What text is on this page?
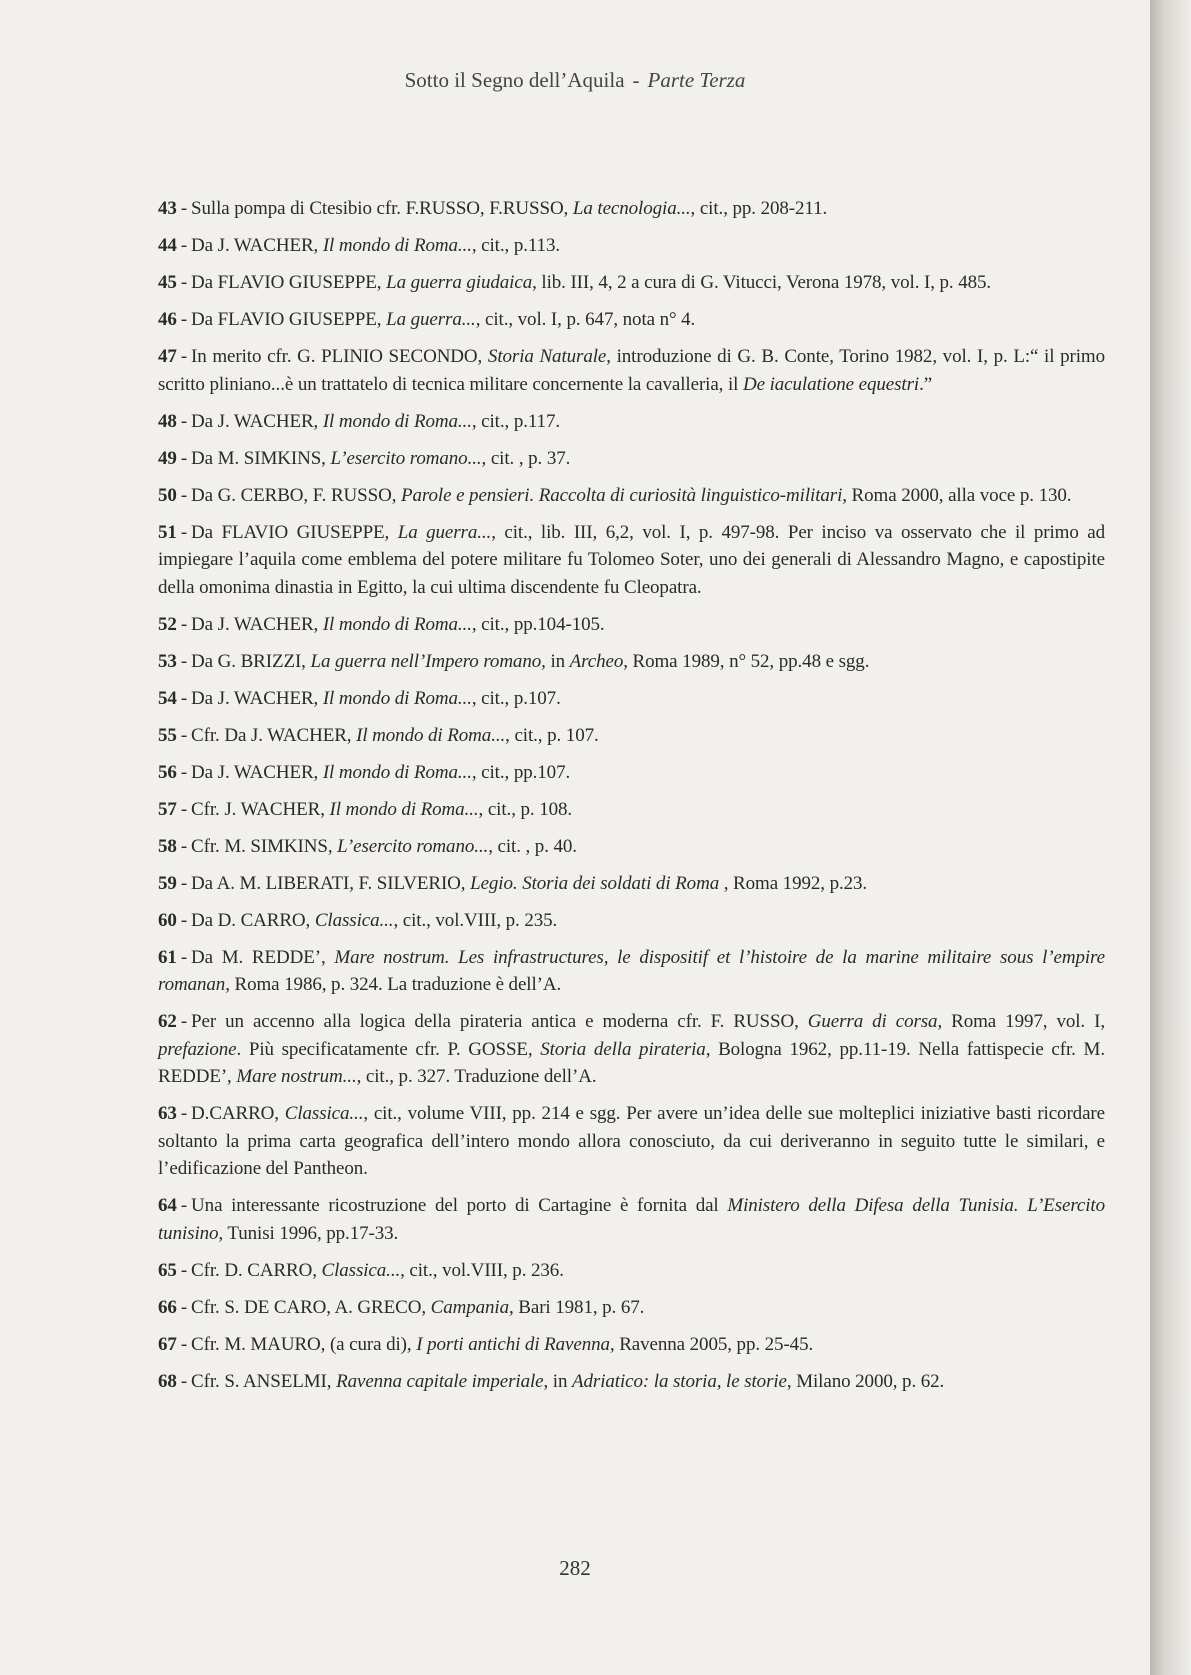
Sotto il Segno dell’Aquila - Parte Terza
43 - Sulla pompa di Ctesibio cfr. F.RUSSO, F.RUSSO, La tecnologia..., cit., pp. 208-211.
44 - Da J. WACHER, Il mondo di Roma..., cit., p.113.
45 - Da FLAVIO GIUSEPPE, La guerra giudaica, lib. III, 4, 2 a cura di G. Vitucci, Verona 1978, vol. I, p. 485.
46 - Da FLAVIO GIUSEPPE, La guerra..., cit., vol. I, p. 647, nota n° 4.
47 - In merito cfr. G. PLINIO SECONDO, Storia Naturale, introduzione di G. B. Conte, Torino 1982, vol. I, p. L:“ il primo scritto pliniano...è un trattatelo di tecnica militare concernente la cavalleria, il De iaculatione equestri.”
48 - Da J. WACHER, Il mondo di Roma..., cit., p.117.
49 - Da M. SIMKINS, L’esercito romano..., cit. , p. 37.
50 - Da G. CERBO, F. RUSSO, Parole e pensieri. Raccolta di curiosità linguistico-militari, Roma 2000, alla voce p. 130.
51 - Da FLAVIO GIUSEPPE, La guerra..., cit., lib. III, 6,2, vol. I, p. 497-98. Per inciso va osservato che il primo ad impiegare l’aquila come emblema del potere militare fu Tolomeo Soter, uno dei generali di Alessandro Magno, e capostipite della omonima dinastia in Egitto, la cui ultima discendente fu Cleopatra.
52 - Da J. WACHER, Il mondo di Roma..., cit., pp.104-105.
53 - Da G. BRIZZI, La guerra nell’Impero romano, in Archeo, Roma 1989, n° 52, pp.48 e sgg.
54 - Da J. WACHER, Il mondo di Roma..., cit., p.107.
55 - Cfr. Da J. WACHER, Il mondo di Roma..., cit., p. 107.
56 - Da J. WACHER, Il mondo di Roma..., cit., pp.107.
57 - Cfr. J. WACHER, Il mondo di Roma..., cit., p. 108.
58 - Cfr. M. SIMKINS, L’esercito romano..., cit. , p. 40.
59 - Da A. M. LIBERATI, F. SILVERIO, Legio. Storia dei soldati di Roma , Roma 1992, p.23.
60 - Da D. CARRO, Classica..., cit., vol.VIII, p. 235.
61 - Da M. REDDE’, Mare nostrum. Les infrastructures, le dispositif et l’histoire de la marine militaire sous l’empire romanan, Roma 1986, p. 324. La traduzione è dell’A.
62 - Per un accenno alla logica della pirateria antica e moderna cfr. F. RUSSO, Guerra di corsa, Roma 1997, vol. I, prefazione. Più specificatamente cfr. P. GOSSE, Storia della pirateria, Bologna 1962, pp.11-19. Nella fattispecie cfr. M. REDDE’, Mare nostrum..., cit., p. 327. Traduzione dell’A.
63 - D.CARRO, Classica..., cit., volume VIII, pp. 214 e sgg. Per avere un’idea delle sue molteplici iniziative basti ricordare soltanto la prima carta geografica dell’intero mondo allora conosciuto, da cui deriveranno in seguito tutte le similari, e l’edificazione del Pantheon.
64 - Una interessante ricostruzione del porto di Cartagine è fornita dal Ministero della Difesa della Tunisia. L’Esercito tunisino, Tunisi 1996, pp.17-33.
65 - Cfr. D. CARRO, Classica..., cit., vol.VIII, p. 236.
66 - Cfr. S. DE CARO, A. GRECO, Campania, Bari 1981, p. 67.
67 - Cfr. M. MAURO, (a cura di), I porti antichi di Ravenna, Ravenna 2005, pp. 25-45.
68 - Cfr. S. ANSELMI, Ravenna capitale imperiale, in Adriatico: la storia, le storie, Milano 2000, p. 62.
282
